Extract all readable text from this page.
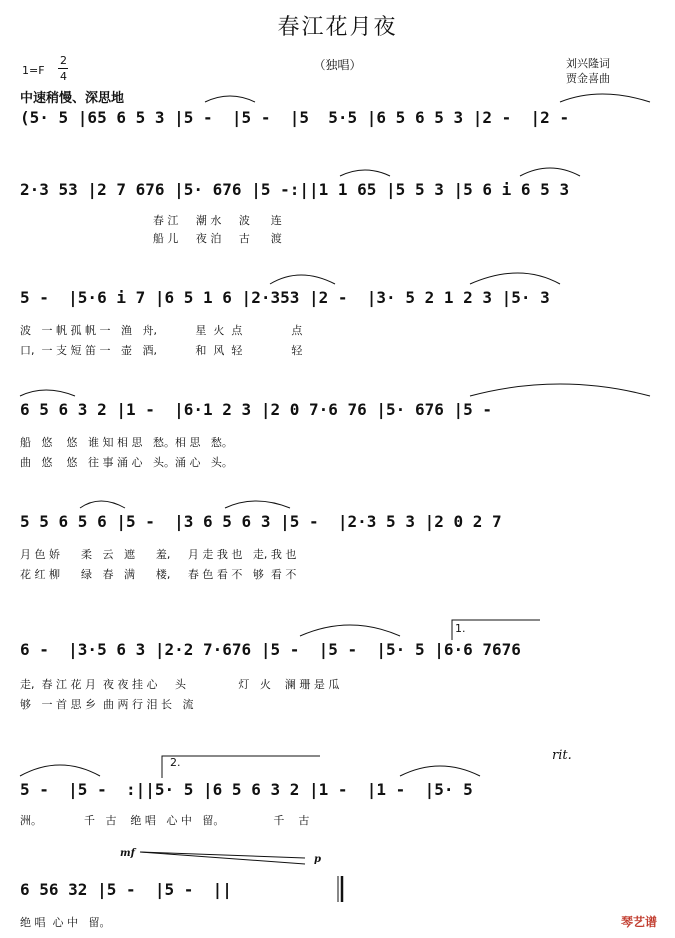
春江花月夜
（独唱）
1=F
2
4
刘兴隆词
贾金喜曲
中速稍慢、深思地
(5· 5 |65 6 5 3 |5 -  |5 -  |5  5·5 |6 5 6 5 3 |2 -  |2 -
2·3 53 |2 7 676 |5· 676 |5 -:||1 1 65 |5 5 3 |5 6 i 6 5 3
春 江     潮 水     波      连
船 儿     夜 泊     古      渡
5 -  |5·6 i 7 |6 5 1 6 |2·353 |2 -  |3· 5 2 1 2 3 |5· 3
波   一 帆 孤 帆 一   渔   舟,           星  火  点              点
口,  一 支 短 笛 一   壶   酒,           和  风  轻              轻
6 5 6 3 2 |1 -  |6·1 2 3 |2 0 7·6 76 |5· 676 |5 -
船   悠    悠   谁 知 相 思   愁。相 思   愁。
曲   悠    悠   往 事 涌 心   头。涌 心   头。
5 5 6 5 6 |5 -  |3 6 5 6 3 |5 -  |2·3 5 3 |2 0 2 7
月 色 娇      柔   云   遮      羞,     月 走 我 也   走, 我 也
花 红 柳      绿   春   满      楼,     春 色 看 不   够  看 不
6 -  |3·5 6 3 |2·2 7·676 |5 -  |5 -  |5· 5 |6·6 7676
走,  春 江 花 月  夜 夜 挂 心     头               灯   火    澜 珊 是 瓜
够   一 首 思 乡  曲 两 行 泪 长   流
rit.
5 -  |5 -  :||5· 5 |6 5 6 3 2 |1 -  |1 -  |5· 5
洲。            千   古    绝 唱   心 中   留。              千    古
mf
p
6 56 32 |5 -  |5 -  ||
绝 唱  心 中   留。
1.
2.
琴艺谱
